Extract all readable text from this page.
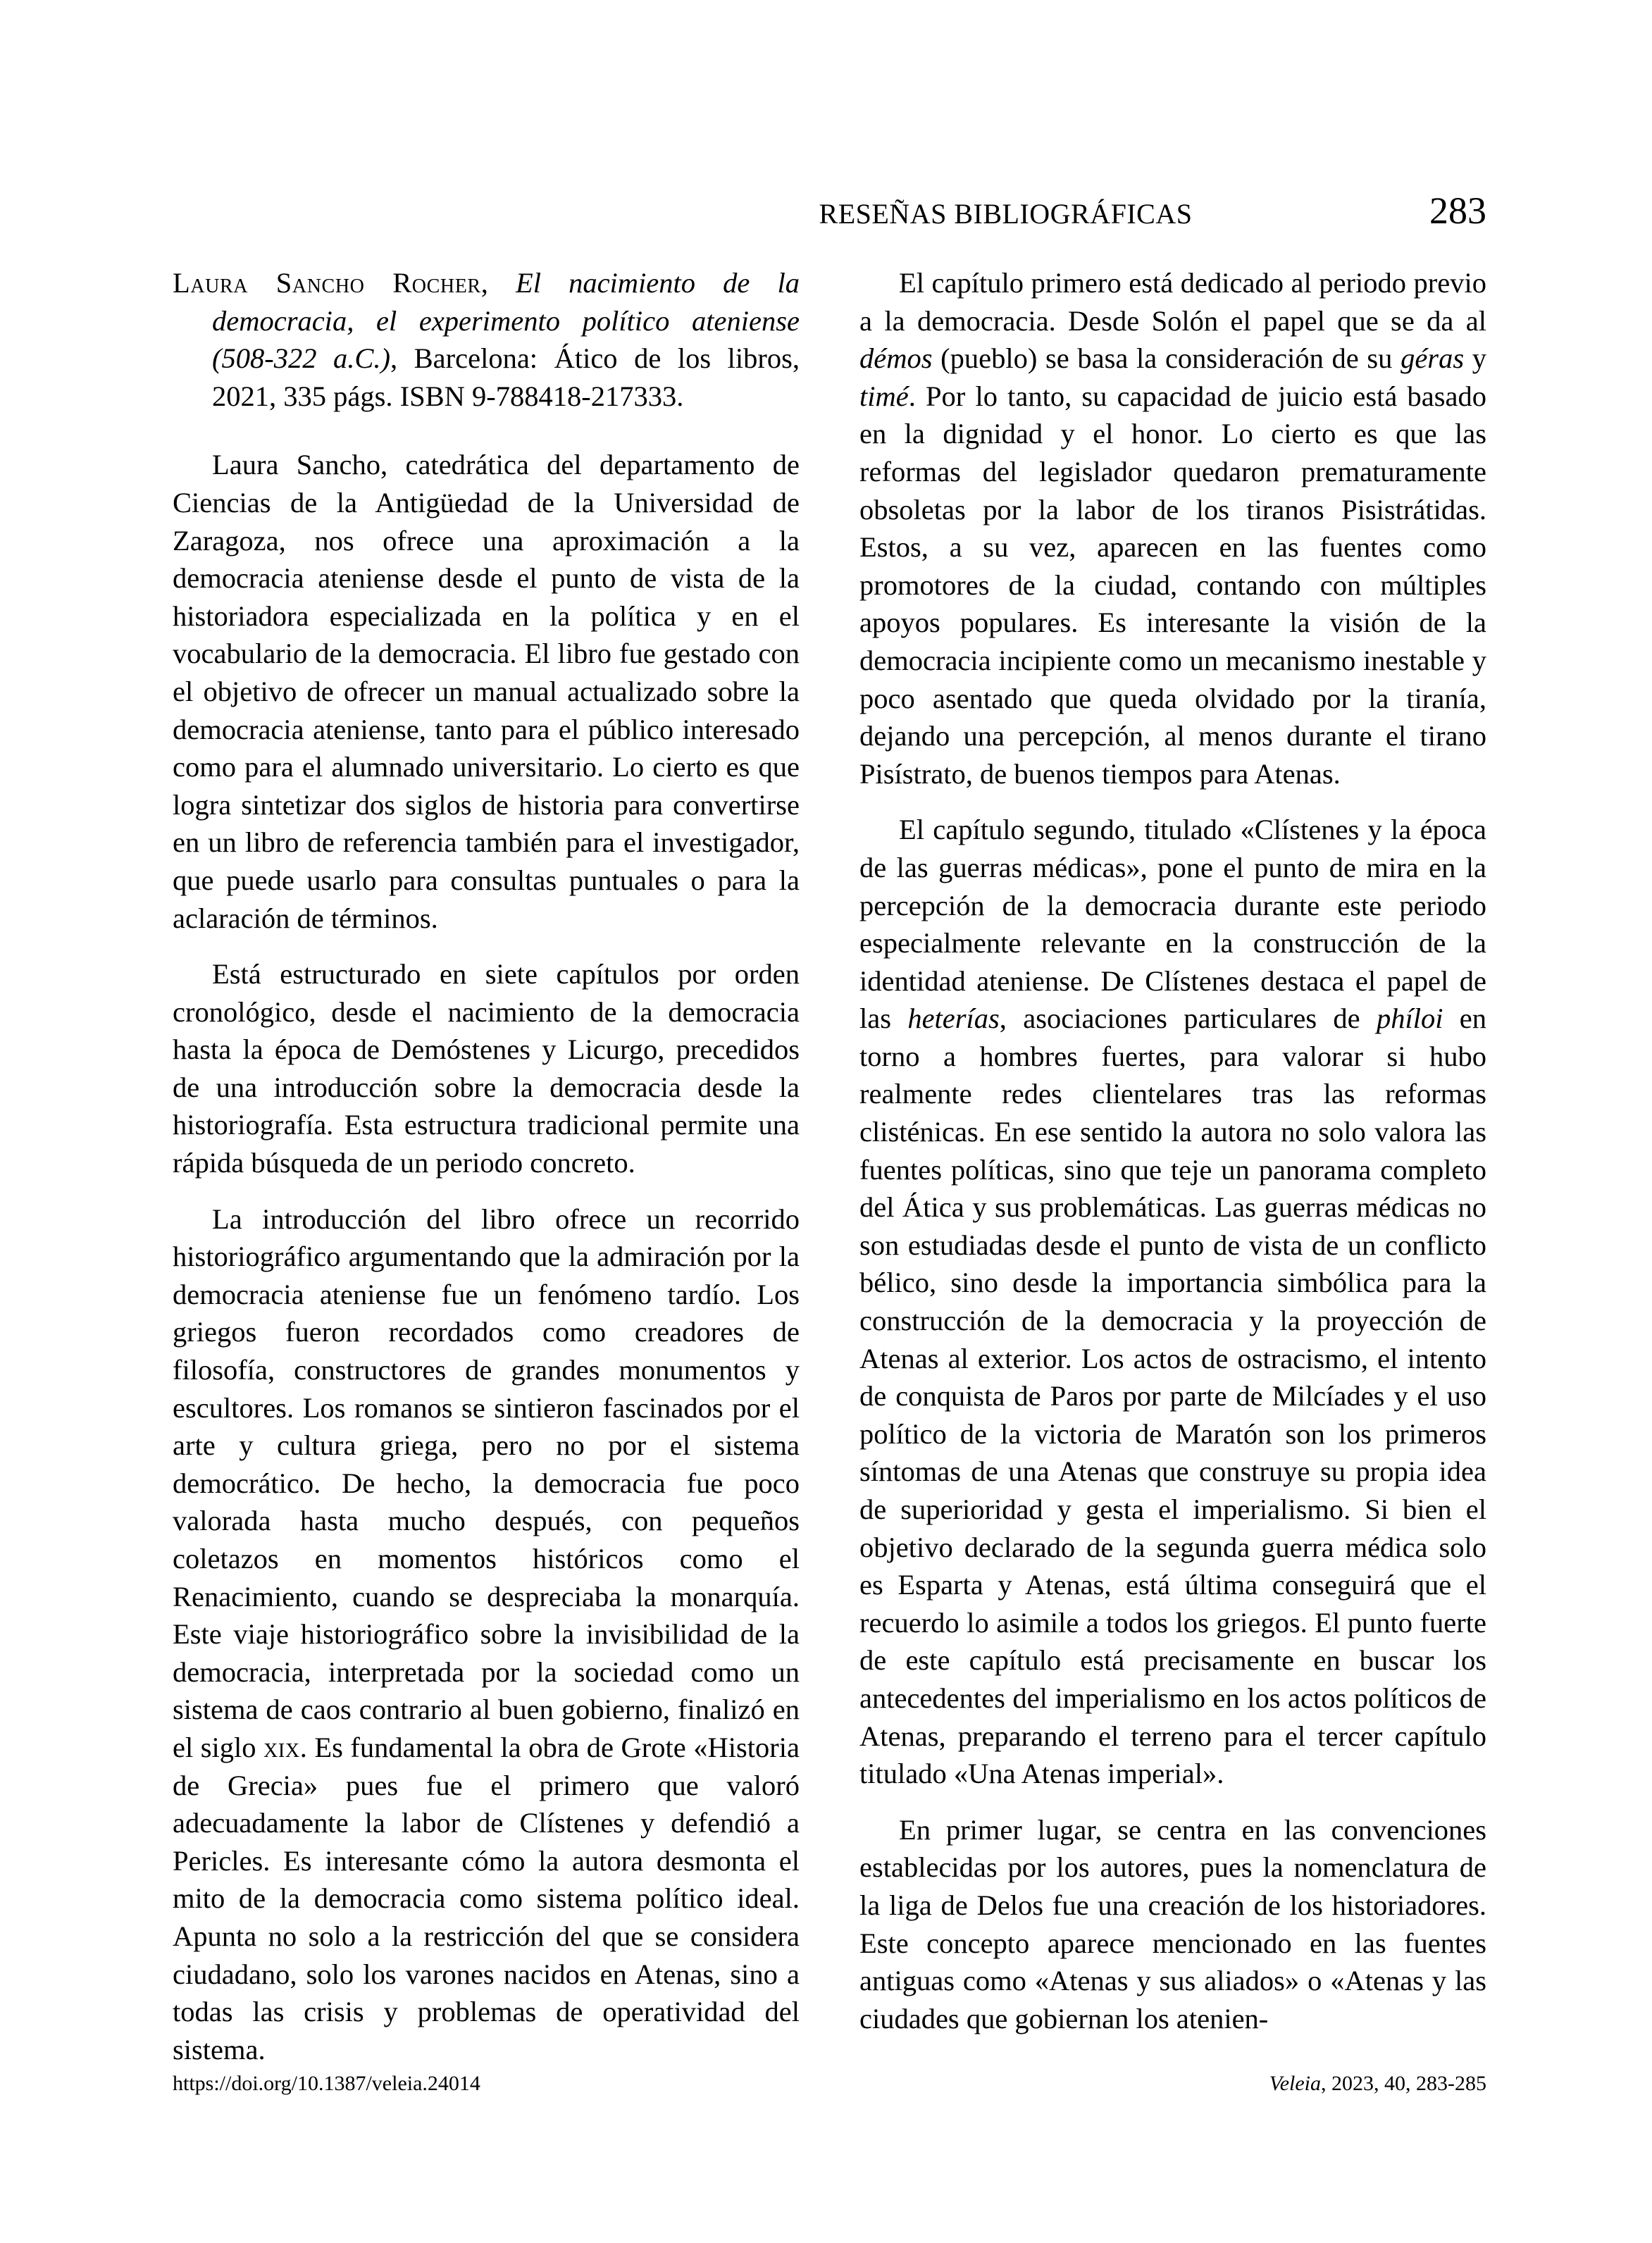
RESEÑAS BIBLIOGRÁFICAS	283
Laura Sancho Rocher, El nacimiento de la democracia, el experimento político ateniense (508-322 a.C.), Barcelona: Ático de los libros, 2021, 335 págs. ISBN 9-788418-217333.

Laura Sancho, catedrática del departamento de Ciencias de la Antigüedad de la Universidad de Zaragoza, nos ofrece una aproximación a la democracia ateniense desde el punto de vista de la historiadora especializada en la política y en el vocabulario de la democracia. El libro fue gestado con el objetivo de ofrecer un manual actualizado sobre la democracia ateniense, tanto para el público interesado como para el alumnado universitario. Lo cierto es que logra sintetizar dos siglos de historia para convertirse en un libro de referencia también para el investigador, que puede usarlo para consultas puntuales o para la aclaración de términos.

Está estructurado en siete capítulos por orden cronológico, desde el nacimiento de la democracia hasta la época de Demóstenes y Licurgo, precedidos de una introducción sobre la democracia desde la historiografía. Esta estructura tradicional permite una rápida búsqueda de un periodo concreto.

La introducción del libro ofrece un recorrido historiográfico argumentando que la admiración por la democracia ateniense fue un fenómeno tardío. Los griegos fueron recordados como creadores de filosofía, constructores de grandes monumentos y escultores. Los romanos se sintieron fascinados por el arte y cultura griega, pero no por el sistema democrático. De hecho, la democracia fue poco valorada hasta mucho después, con pequeños coletazos en momentos históricos como el Renacimiento, cuando se despreciaba la monarquía. Este viaje historiográfico sobre la invisibilidad de la democracia, interpretada por la sociedad como un sistema de caos contrario al buen gobierno, finalizó en el siglo xix. Es fundamental la obra de Grote «Historia de Grecia» pues fue el primero que valoró adecuadamente la labor de Clístenes y defendió a Pericles. Es interesante cómo la autora desmonta el mito de la democracia como sistema político ideal. Apunta no solo a la restricción del que se considera ciudadano, solo los varones nacidos en Atenas, sino a todas las crisis y problemas de operatividad del sistema.

El capítulo primero está dedicado al periodo previo a la democracia. Desde Solón el papel que se da al démos (pueblo) se basa la consideración de su géras y timé. Por lo tanto, su capacidad de juicio está basado en la dignidad y el honor. Lo cierto es que las reformas del legislador quedaron prematuramente obsoletas por la labor de los tiranos Pisistrátidas. Estos, a su vez, aparecen en las fuentes como promotores de la ciudad, contando con múltiples apoyos populares. Es interesante la visión de la democracia incipiente como un mecanismo inestable y poco asentado que queda olvidado por la tiranía, dejando una percepción, al menos durante el tirano Pisístrato, de buenos tiempos para Atenas.

El capítulo segundo, titulado «Clístenes y la época de las guerras médicas», pone el punto de mira en la percepción de la democracia durante este periodo especialmente relevante en la construcción de la identidad ateniense. De Clístenes destaca el papel de las heterías, asociaciones particulares de phíloi en torno a hombres fuertes, para valorar si hubo realmente redes clientelares tras las reformas clisténicas. En ese sentido la autora no solo valora las fuentes políticas, sino que teje un panorama completo del Ática y sus problemáticas. Las guerras médicas no son estudiadas desde el punto de vista de un conflicto bélico, sino desde la importancia simbólica para la construcción de la democracia y la proyección de Atenas al exterior. Los actos de ostracismo, el intento de conquista de Paros por parte de Milcíades y el uso político de la victoria de Maratón son los primeros síntomas de una Atenas que construye su propia idea de superioridad y gesta el imperialismo. Si bien el objetivo declarado de la segunda guerra médica solo es Esparta y Atenas, está última conseguirá que el recuerdo lo asimile a todos los griegos. El punto fuerte de este capítulo está precisamente en buscar los antecedentes del imperialismo en los actos políticos de Atenas, preparando el terreno para el tercer capítulo titulado «Una Atenas imperial».

En primer lugar, se centra en las convenciones establecidas por los autores, pues la nomenclatura de la liga de Delos fue una creación de los historiadores. Este concepto aparece mencionado en las fuentes antiguas como «Atenas y sus aliados» o «Atenas y las ciudades que gobiernan los atenien-

https://doi.org/10.1387/veleia.24014	Veleia, 2023, 40, 283-285
